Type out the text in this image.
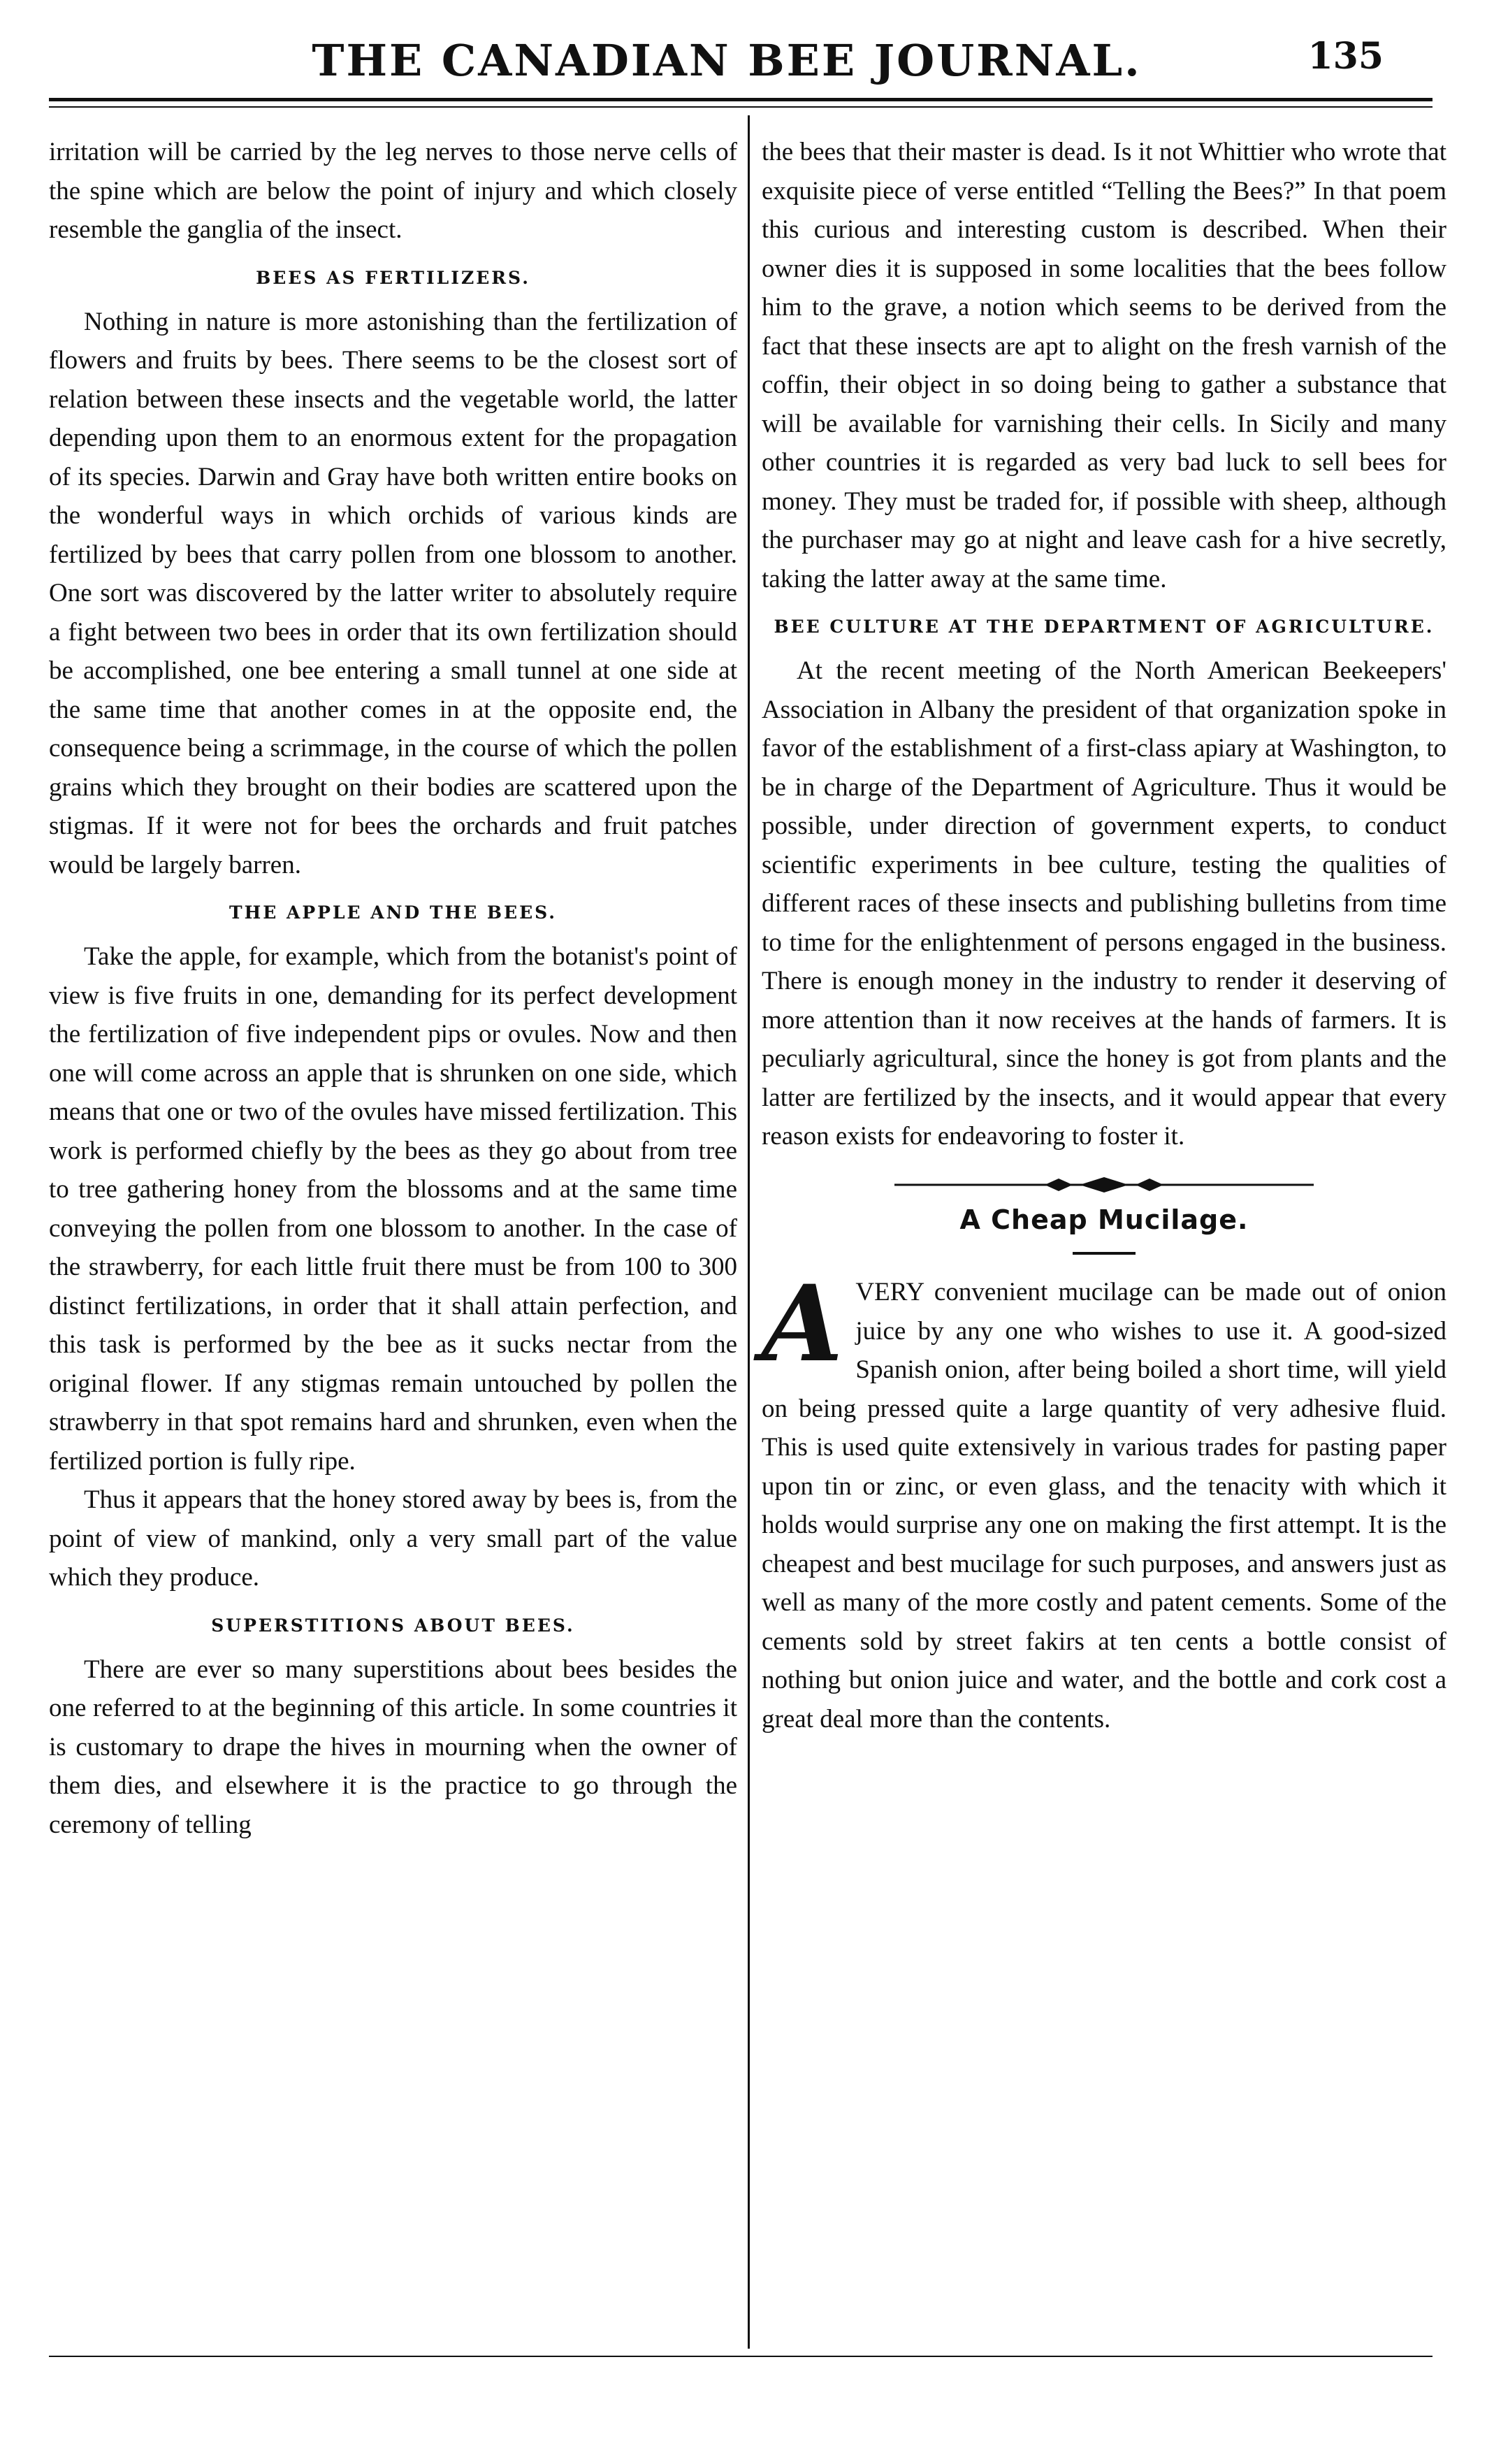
THE CANADIAN BEE JOURNAL.	135

irritation will be carried by the leg nerves to those nerve cells of the spine which are below the point of injury and which closely resemble the ganglia of the insect.

BEES AS FERTILIZERS.

Nothing in nature is more astonishing than the fertilization of flowers and fruits by bees. There seems to be the closest sort of relation between these insects and the vegetable world, the latter depending upon them to an enormous extent for the propagation of its species. Darwin and Gray have both written entire books on the wonderful ways in which orchids of various kinds are fertilized by bees that carry pollen from one blossom to another. One sort was discovered by the latter writer to absolutely require a fight between two bees in order that its own fertilization should be accomplished, one bee entering a small tunnel at one side at the same time that another comes in at the opposite end, the consequence being a scrimmage, in the course of which the pollen grains which they brought on their bodies are scattered upon the stigmas. If it were not for bees the orchards and fruit patches would be largely barren.

THE APPLE AND THE BEES.

Take the apple, for example, which from the botanist's point of view is five fruits in one, demanding for its perfect development the fertilization of five independent pips or ovules. Now and then one will come across an apple that is shrunken on one side, which means that one or two of the ovules have missed fertilization. This work is performed chiefly by the bees as they go about from tree to tree gathering honey from the blossoms and at the same time conveying the pollen from one blossom to another. In the case of the strawberry, for each little fruit there must be from 100 to 300 distinct fertilizations, in order that it shall attain perfection, and this task is performed by the bee as it sucks nectar from the original flower. If any stigmas remain untouched by pollen the strawberry in that spot remains hard and shrunken, even when the fertilized portion is fully ripe.

Thus it appears that the honey stored away by bees is, from the point of view of mankind, only a very small part of the value which they produce.

SUPERSTITIONS ABOUT BEES.

There are ever so many superstitions about bees besides the one referred to at the beginning of this article. In some countries it is customary to drape the hives in mourning when the owner of them dies, and elsewhere it is the practice to go through the ceremony of telling

the bees that their master is dead. Is it not Whittier who wrote that exquisite piece of verse entitled “Telling the Bees?” In that poem this curious and interesting custom is described. When their owner dies it is supposed in some localities that the bees follow him to the grave, a notion which seems to be derived from the fact that these insects are apt to alight on the fresh varnish of the coffin, their object in so doing being to gather a substance that will be available for varnishing their cells. In Sicily and many other countries it is regarded as very bad luck to sell bees for money. They must be traded for, if possible with sheep, although the purchaser may go at night and leave cash for a hive secretly, taking the latter away at the same time.

BEE CULTURE AT THE DEPARTMENT OF AGRICULTURE.

At the recent meeting of the North American Beekeepers' Association in Albany the president of that organization spoke in favor of the establishment of a first-class apiary at Washington, to be in charge of the Department of Agriculture. Thus it would be possible, under direction of government experts, to conduct scientific experiments in bee culture, testing the qualities of different races of these insects and publishing bulletins from time to time for the enlightenment of persons engaged in the business. There is enough money in the industry to render it deserving of more attention than it now receives at the hands of farmers. It is peculiarly agricultural, since the honey is got from plants and the latter are fertilized by the insects, and it would appear that every reason exists for endeavoring to foster it.

A Cheap Mucilage.

A VERY convenient mucilage can be made out of onion juice by any one who wishes to use it. A good-sized Spanish onion, after being boiled a short time, will yield on being pressed quite a large quantity of very adhesive fluid. This is used quite extensively in various trades for pasting paper upon tin or zinc, or even glass, and the tenacity with which it holds would surprise any one on making the first attempt. It is the cheapest and best mucilage for such purposes, and answers just as well as many of the more costly and patent cements. Some of the cements sold by street fakirs at ten cents a bottle consist of nothing but onion juice and water, and the bottle and cork cost a great deal more than the contents.
